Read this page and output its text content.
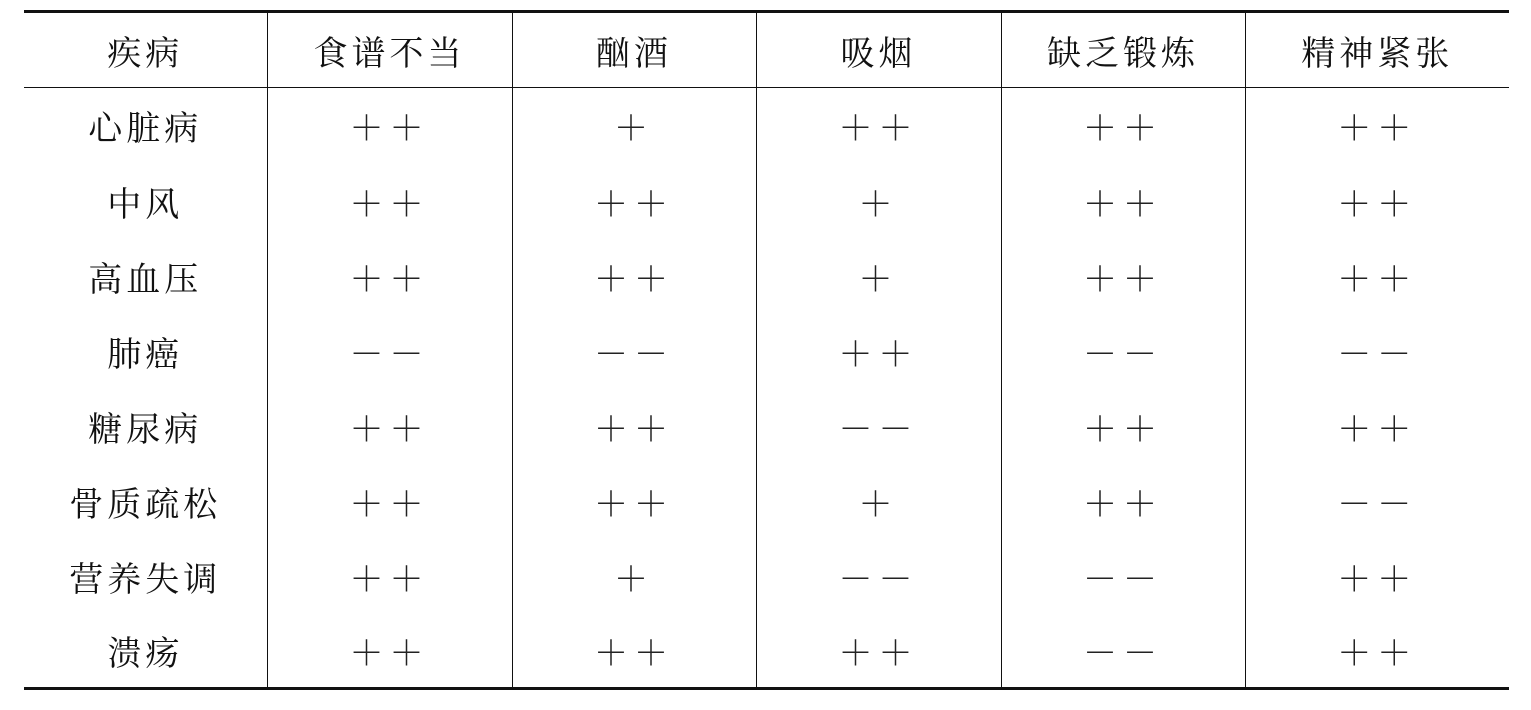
疾病	食谱不当	酗酒	吸烟	缺乏锻炼	精神紧张
心脏病	＋＋	＋	＋＋	＋＋	＋＋
中风	＋＋	＋＋	＋	＋＋	＋＋
高血压	＋＋	＋＋	＋	＋＋	＋＋
肺癌	－－	－－	＋＋	－－	－－
糖尿病	＋＋	＋＋	－－	＋＋	＋＋
骨质疏松	＋＋	＋＋	＋	＋＋	－－
营养失调	＋＋	＋	－－	－－	＋＋
溃疡	＋＋	＋＋	＋＋	－－	＋＋
